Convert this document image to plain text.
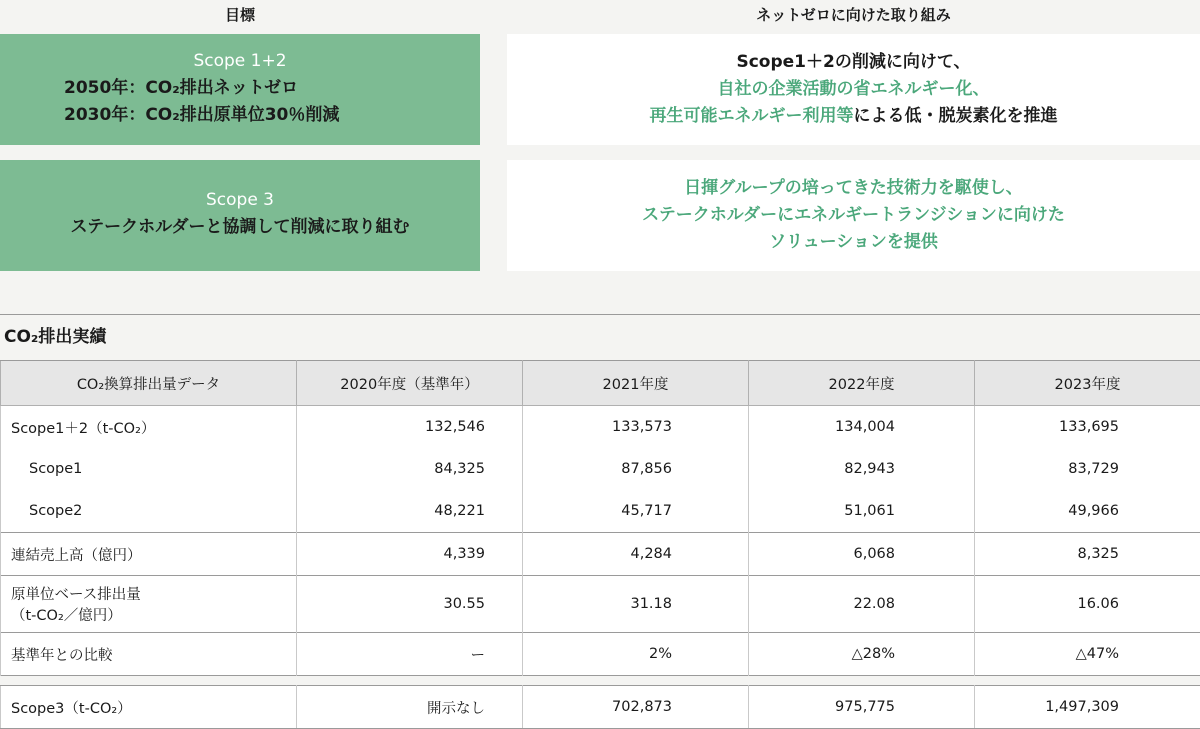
目標	ネットゼロに向けた取り組み
Scope 1+2
2050年：CO₂排出ネットゼロ
2030年：CO₂排出原単位30％削減
Scope 3
ステークホルダーと協調して削減に取り組む
Scope1＋2の削減に向けて、
自社の企業活動の省エネルギー化、
再生可能エネルギー利用等による低・脱炭素化を推進
日揮グループの培ってきた技術力を駆使し、
ステークホルダーにエネルギートランジションに向けた
ソリューションを提供
CO₂排出実績
CO₂換算排出量データ	2020年度（基準年）	2021年度	2022年度	2023年度
Scope1＋2（t-CO₂）	132,546	133,573	134,004	133,695
Scope1	84,325	87,856	82,943	83,729
Scope2	48,221	45,717	51,061	49,966
連結売上高（億円）	4,339	4,284	6,068	8,325

原単位ベース排出量
（t-CO₂／億円）	30.55	31.18	22.08	16.06
基準年との比較	ー	2%	△28%	△47%

Scope3（t-CO₂）	開示なし	702,873	975,775	1,497,309
